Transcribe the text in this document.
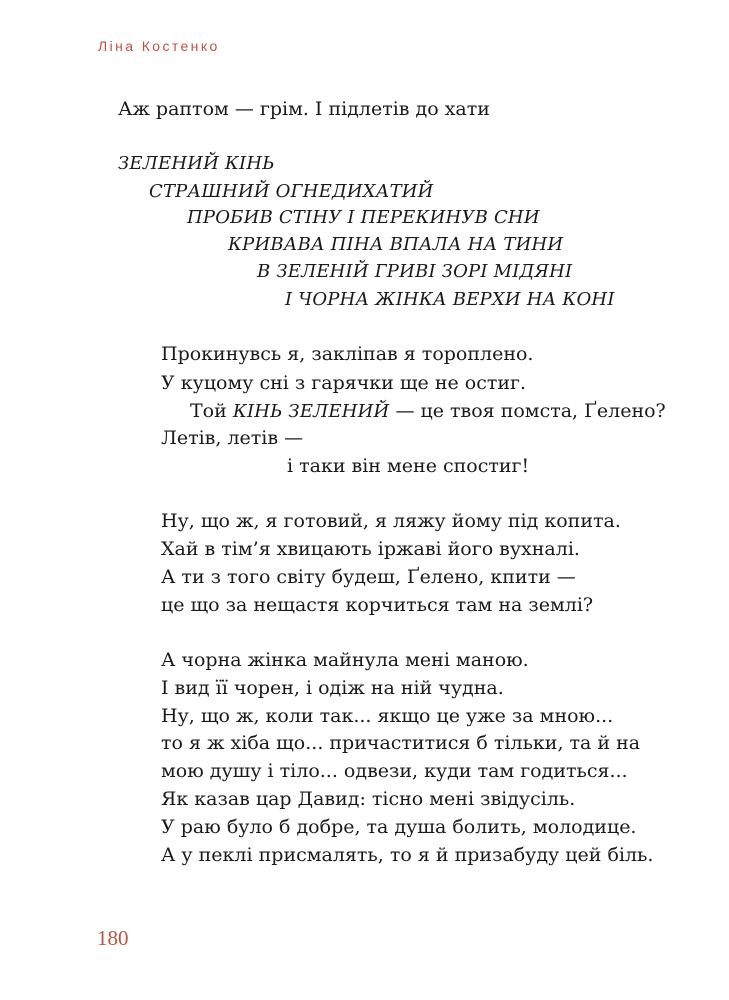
Ліна Костенко
Аж раптом — грім. І підлетів до хати
ЗЕЛЕНИЙ КІНЬ
СТРАШНИЙ ОГНЕДИХАТИЙ
ПРОБИВ СТІНУ І ПЕРЕКИНУВ СНИ
КРИВАВА ПІНА ВПАЛА НА ТИНИ
В ЗЕЛЕНІЙ ГРИВІ ЗОРІ МІДЯНІ
І ЧОРНА ЖІНКА ВЕРХИ НА КОНІ
Прокинувсь я, закліпав я тороплено.
У куцому сні з гарячки ще не остиг.
Той КІНЬ ЗЕЛЕНИЙ — це твоя помста, Ґелено?
Летів, летів —
і таки він мене спостиг!
Ну, що ж, я готовий, я ляжу йому під копита.
Хай в тім’я хвицають іржаві його вухналі.
А ти з того світу будеш, Ґелено, кпити —
це що за нещастя корчиться там на землі?
А чорна жінка майнула мені маною.
І вид її чорен, і одіж на ній чудна.
Ну, що ж, коли так... якщо це уже за мною...
то я ж хіба що... причаститися б тільки, та й на
мою душу і тіло... одвези, куди там годиться...
Як казав цар Давид: тісно мені звідусіль.
У раю було б добре, та душа болить, молодице.
А у пеклі присмалять, то я й призабуду цей біль.
180
